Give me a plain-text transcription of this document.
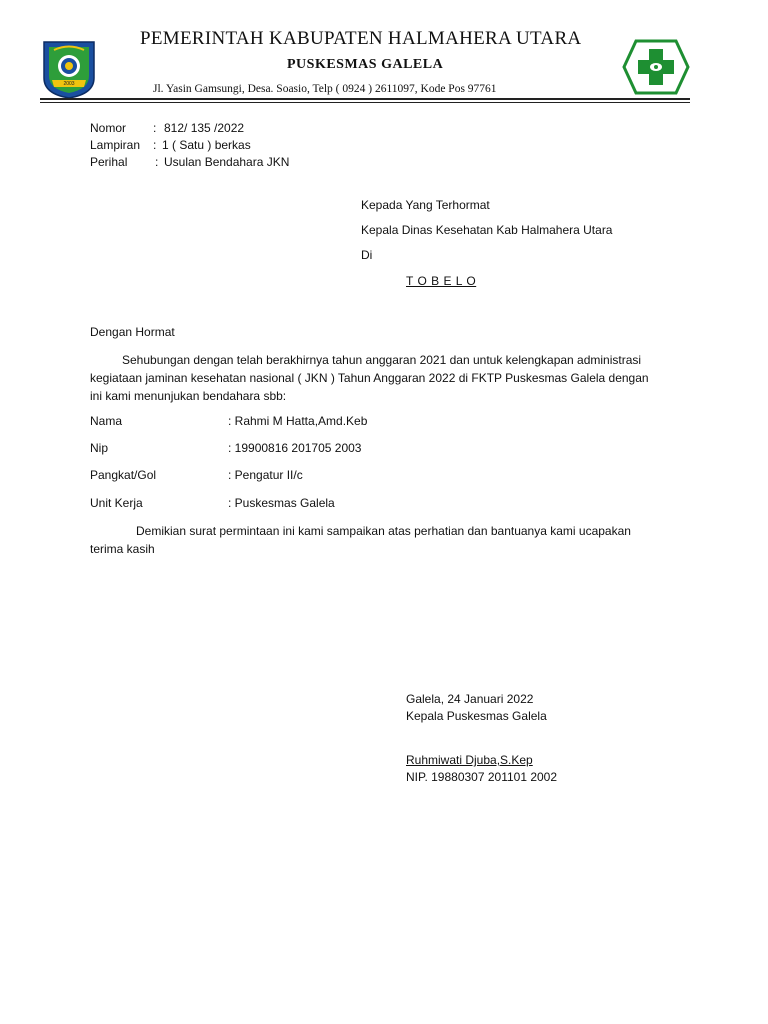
2003
PEMERINTAH KABUPATEN HALMAHERA UTARA
PUSKESMAS GALELA
Jl. Yasin Gamsungi, Desa. Soasio, Telp ( 0924 ) 2611097, Kode Pos 97761
Nomor : 812/ 135 /2022
Lampiran : 1 ( Satu ) berkas
Perihal : Usulan Bendahara JKN
Kepada Yang Terhormat
Kepala Dinas Kesehatan Kab Halmahera Utara
Di
T O B E L O
Dengan Hormat
Sehubungan dengan telah berakhirnya tahun anggaran 2021 dan untuk kelengkapan administrasi kegiataan jaminan kesehatan nasional ( JKN ) Tahun Anggaran 2022 di FKTP Puskesmas Galela dengan ini kami menunjukan bendahara sbb:
Nama	: Rahmi M Hatta,Amd.Keb
Nip	: 19900816 201705 2003
Pangkat/Gol	: Pengatur II/c
Unit Kerja	: Puskesmas Galela
Demikian surat permintaan ini kami sampaikan atas perhatian dan bantuanya kami ucapakan terima kasih
Galela, 24 Januari 2022
Kepala Puskesmas Galela
Ruhmiwati Djuba,S.Kep
NIP. 19880307 201101 2002
